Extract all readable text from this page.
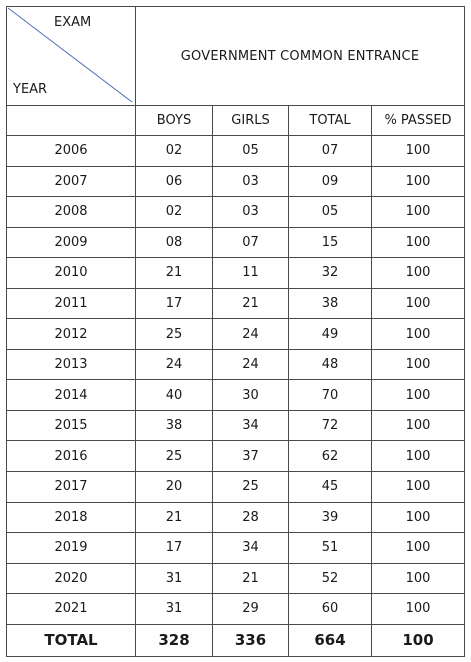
EXAM
YEAR	GOVERNMENT COMMON ENTRANCE			
	BOYS	GIRLS	TOTAL	% PASSED
2006	02	05	07	100
2007	06	03	09	100
2008	02	03	05	100
2009	08	07	15	100
2010	21	11	32	100
2011	17	21	38	100
2012	25	24	49	100
2013	24	24	48	100
2014	40	30	70	100
2015	38	34	72	100
2016	25	37	62	100
2017	20	25	45	100
2018	21	28	39	100
2019	17	34	51	100
2020	31	21	52	100
2021	31	29	60	100
TOTAL	328	336	664	100
